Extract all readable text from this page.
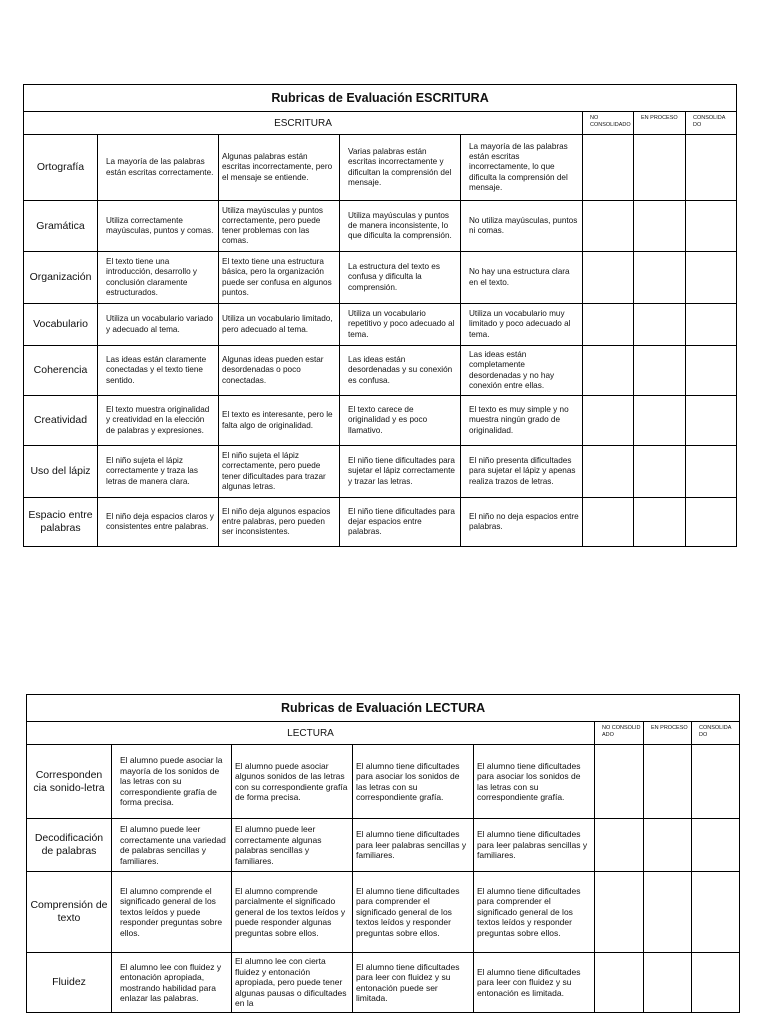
Rubricas de Evaluación ESCRITURA							
ESCRITURA					NO CONSOLIDADO	EN PROCESO	CONSOLIDA DO
Ortografía	La mayoría de las palabras están escritas correctamente.	Algunas palabras están escritas incorrectamente, pero el mensaje se entiende.	Varias palabras están escritas incorrectamente y dificultan la comprensión del mensaje.	La mayoría de las palabras están escritas incorrectamente, lo que dificulta la comprensión del mensaje.			
Gramática	Utiliza correctamente mayúsculas, puntos y comas.	Utiliza mayúsculas y puntos correctamente, pero puede tener problemas con las comas.	Utiliza mayúsculas y puntos de manera inconsistente, lo que dificulta la comprensión.	No utiliza mayúsculas, puntos ni comas.			
Organización	El texto tiene una introducción, desarrollo y conclusión claramente estructurados.	El texto tiene una estructura básica, pero la organización puede ser confusa en algunos puntos.	La estructura del texto es confusa y dificulta la comprensión.	No hay una estructura clara en el texto.			
Vocabulario	Utiliza un vocabulario variado y adecuado al tema.	Utiliza un vocabulario limitado, pero adecuado al tema.	Utiliza un vocabulario repetitivo y poco adecuado al tema.	Utiliza un vocabulario muy limitado y poco adecuado al tema.			
Coherencia	Las ideas están claramente conectadas y el texto tiene sentido.	Algunas ideas pueden estar desordenadas o poco conectadas.	Las ideas están desordenadas y su conexión es confusa.	Las ideas están completamente desordenadas y no hay conexión entre ellas.			
Creatividad	El texto muestra originalidad y creatividad en la elección de palabras y expresiones.	El texto es interesante, pero le falta algo de originalidad.	El texto carece de originalidad y es poco llamativo.	El texto es muy simple y no muestra ningún grado de originalidad.			
Uso del lápiz	El niño sujeta el lápiz correctamente y traza las letras de manera clara.	El niño sujeta el lápiz correctamente, pero puede tener dificultades para trazar algunas letras.	El niño tiene dificultades para sujetar el lápiz correctamente y trazar las letras.	El niño presenta dificultades para sujetar el lápiz y apenas realiza trazos de letras.			
Espacio entre palabras	El niño deja espacios claros y consistentes entre palabras.	El niño deja algunos espacios entre palabras, pero pueden ser inconsistentes.	El niño tiene dificultades para dejar espacios entre palabras.	El niño no deja espacios entre palabras.			
Rubricas de Evaluación LECTURA							
LECTURA					NO CONSOLID ADO	EN PROCESO	CONSOLIDA DO
Corresponden cia sonido-letra	El alumno puede asociar la mayoría de los sonidos de las letras con su correspondiente grafía de forma precisa.	El alumno puede asociar algunos sonidos de las letras con su correspondiente grafía de forma precisa.	El alumno tiene dificultades para asociar los sonidos de las letras con su correspondiente grafía.	El alumno tiene dificultades para asociar los sonidos de las letras con su correspondiente grafía.			
Decodificación de palabras	El alumno puede leer correctamente una variedad de palabras sencillas y familiares.	El alumno puede leer correctamente algunas palabras sencillas y familiares.	El alumno tiene dificultades para leer palabras sencillas y familiares.	El alumno tiene dificultades para leer palabras sencillas y familiares.			
Comprensión de texto	El alumno comprende el significado general de los textos leídos y puede responder preguntas sobre ellos.	El alumno comprende parcialmente el significado general de los textos leídos y puede responder algunas preguntas sobre ellos.	El alumno tiene dificultades para comprender el significado general de los textos leídos y responder preguntas sobre ellos.	El alumno tiene dificultades para comprender el significado general de los textos leídos y responder preguntas sobre ellos.			
Fluidez	El alumno lee con fluidez y entonación apropiada, mostrando habilidad para enlazar las palabras.	El alumno lee con cierta fluidez y entonación apropiada, pero puede tener algunas pausas o dificultades en la	El alumno tiene dificultades para leer con fluidez y su entonación puede ser limitada.	El alumno tiene dificultades para leer con fluidez y su entonación es limitada.			
